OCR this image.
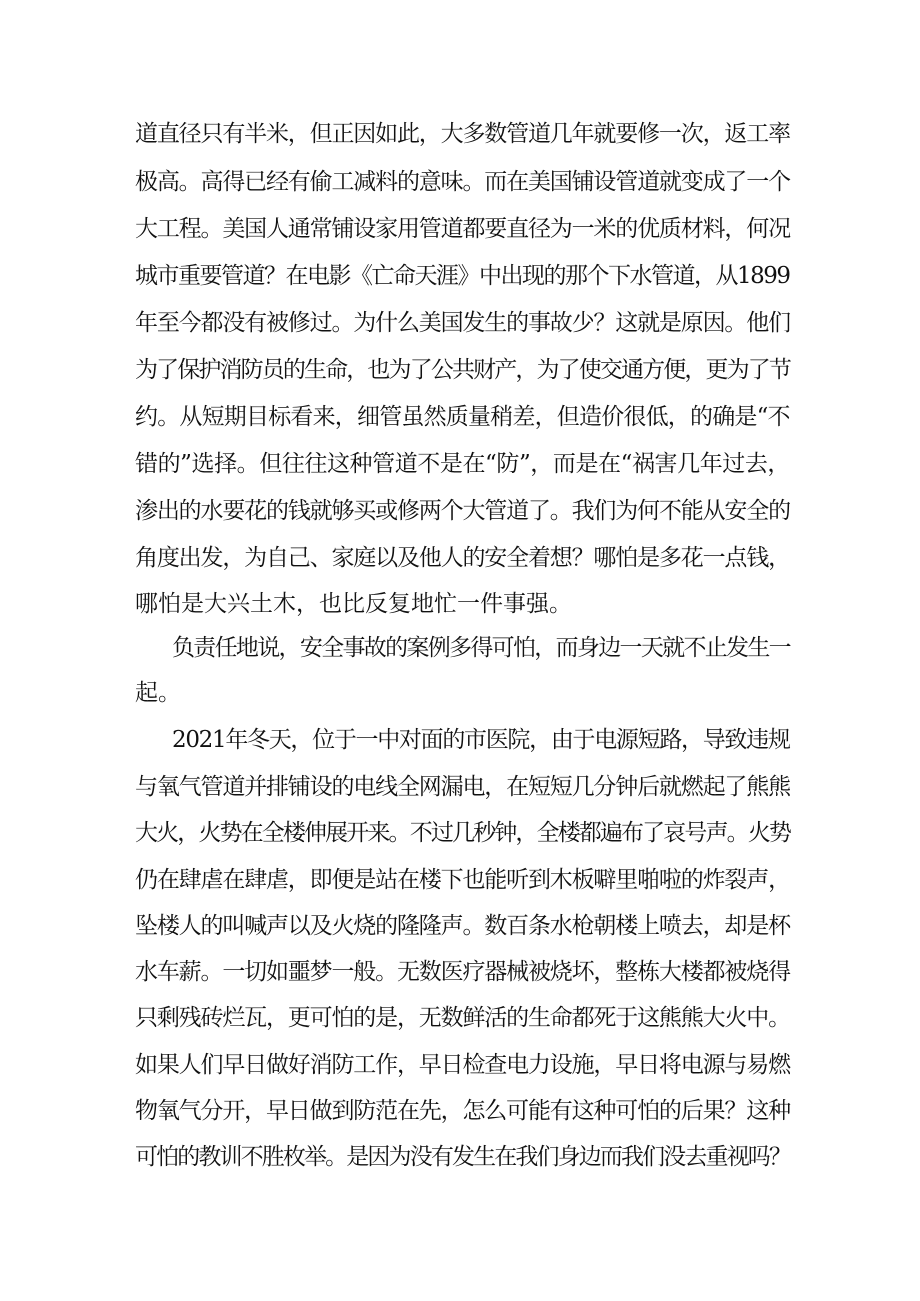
道直径只有半米，但正因如此，大多数管道几年就要修一次，返工率
极高。高得已经有偷工减料的意味。而在美国铺设管道就变成了一个
大工程。美国人通常铺设家用管道都要直径为一米的优质材料，何况
城市重要管道？在电影《亡命天涯》中出现的那个下水管道，从1899
年至今都没有被修过。为什么美国发生的事故少？这就是原因。他们
为了保护消防员的生命，也为了公共财产，为了使交通方便，更为了节
约。从短期目标看来，细管虽然质量稍差，但造价很低，的确是“不
错的”选择。但往往这种管道不是在“防”，而是在“祸害几年过去，
渗出的水要花的钱就够买或修两个大管道了。我们为何不能从安全的
角度出发，为自己、家庭以及他人的安全着想？哪怕是多花一点钱，
哪怕是大兴土木，也比反复地忙一件事强。
负责任地说，安全事故的案例多得可怕，而身边一天就不止发生一
起。
2021年冬天，位于一中对面的市医院，由于电源短路，导致违规
与氧气管道并排铺设的电线全网漏电，在短短几分钟后就燃起了熊熊
大火，火势在全楼伸展开来。不过几秒钟，全楼都遍布了哀号声。火势
仍在肆虐在肆虐，即便是站在楼下也能听到木板噼里啪啦的炸裂声，
坠楼人的叫喊声以及火烧的隆隆声。数百条水枪朝楼上喷去，却是杯
水车薪。一切如噩梦一般。无数医疗器械被烧坏，整栋大楼都被烧得
只剩残砖烂瓦，更可怕的是，无数鲜活的生命都死于这熊熊大火中。
如果人们早日做好消防工作，早日检查电力设施，早日将电源与易燃
物氧气分开，早日做到防范在先，怎么可能有这种可怕的后果？这种
可怕的教训不胜枚举。是因为没有发生在我们身边而我们没去重视吗？
